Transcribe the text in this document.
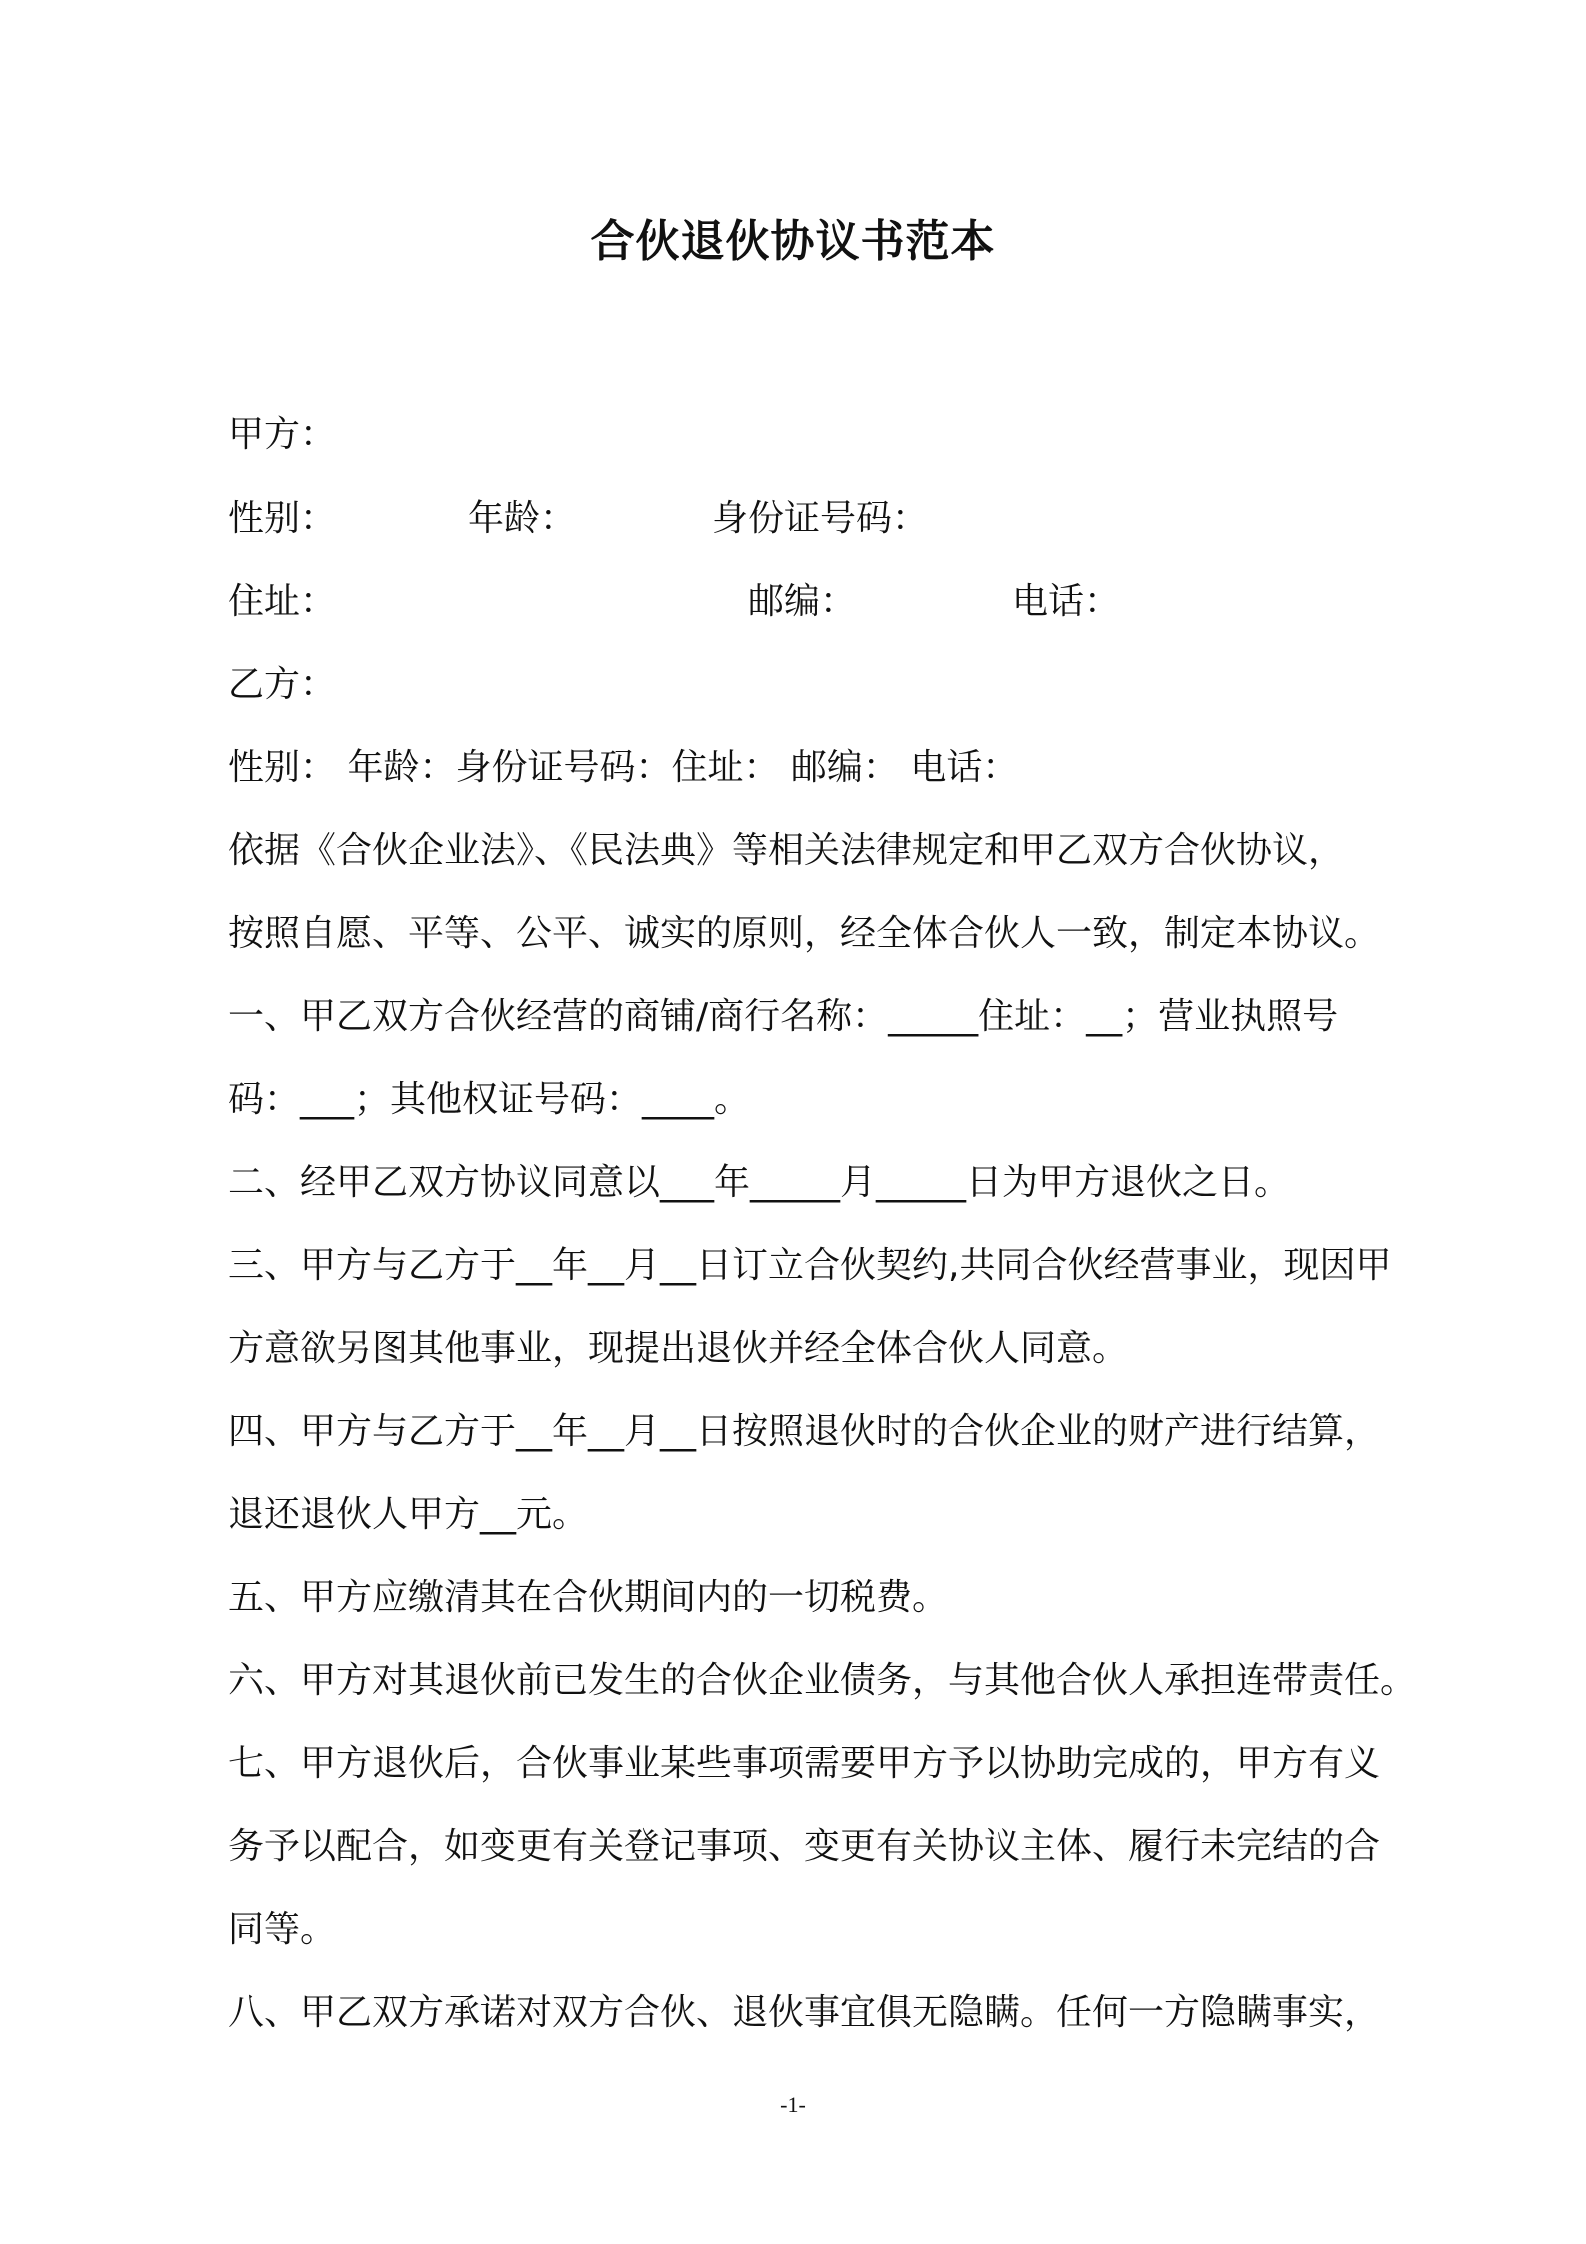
合伙退伙协议书范本
甲方：
性别：	年龄：	身份证号码：
住址：	邮编：	电话：
乙方：
性别： 年龄：身份证号码：住址： 邮编： 电话：
依据《合伙企业法》、《民法典》等相关法律规定和甲乙双方合伙协议，
按照自愿、平等、公平、诚实的原则，经全体合伙人一致，制定本协议。
一、甲乙双方合伙经营的商铺/商行名称：_____住址：__；营业执照号
码：___；其他权证号码：____。
二、经甲乙双方协议同意以___年_____月_____日为甲方退伙之日。
三、甲方与乙方于__年__月__日订立合伙契约,共同合伙经营事业，现因甲
方意欲另图其他事业，现提出退伙并经全体合伙人同意。
四、甲方与乙方于__年__月__日按照退伙时的合伙企业的财产进行结算，
退还退伙人甲方__元。
五、甲方应缴清其在合伙期间内的一切税费。
六、甲方对其退伙前已发生的合伙企业债务，与其他合伙人承担连带责任。
七、甲方退伙后，合伙事业某些事项需要甲方予以协助完成的，甲方有义
务予以配合，如变更有关登记事项、变更有关协议主体、履行未完结的合
同等。
八、甲乙双方承诺对双方合伙、退伙事宜俱无隐瞒。任何一方隐瞒事实，
-1-
